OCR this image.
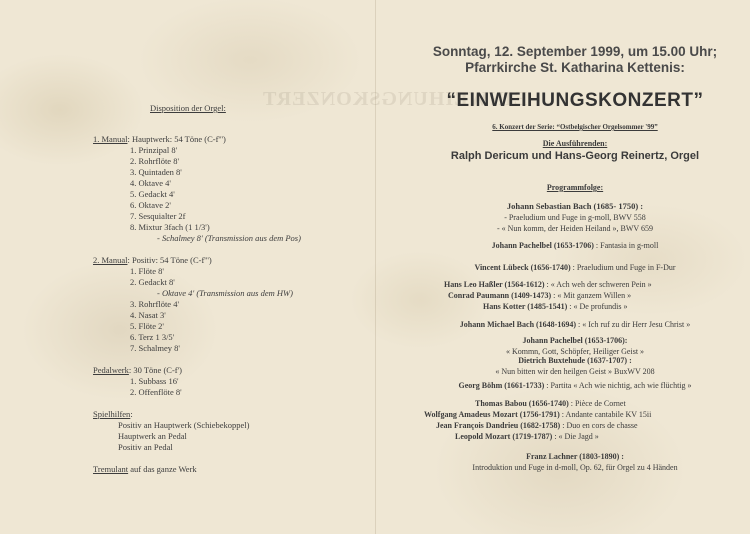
EINWEIHUNGSKONZERT
Disposition der Orgel:
1. Manual: Hauptwerk: 54 Töne (C-f''')
1. Prinzipal 8'
2. Rohrflöte 8'
3. Quintaden 8'
4. Oktave 4'
5. Gedackt 4'
6. Oktave 2'
7. Sesquialter 2f
8. Mixtur 3fach (1 1/3')
- Schalmey 8' (Transmission aus dem Pos)
2. Manual: Positiv: 54 Töne (C-f''')
1. Flöte 8'
2. Gedackt 8'
- Oktave 4' (Transmission aus dem HW)
3. Rohrflöte 4'
4. Nasat 3'
5. Flöte 2'
6. Terz 1 3/5'
7. Schalmey 8'
Pedalwerk: 30 Töne (C-f')
1. Subbass 16'
2. Offenflöte 8'
Spielhilfen:
Positiv an Hauptwerk (Schiebekoppel)
Hauptwerk an Pedal
Positiv an Pedal
Tremulant auf das ganze Werk
Sonntag, 12. September 1999, um 15.00 Uhr;
Pfarrkirche St. Katharina Kettenis:
“EINWEIHUNGSKONZERT”
6. Konzert der Serie: “Ostbelgischer Orgelsommer '99”
Die Ausführenden:
Ralph Dericum und Hans-Georg Reinertz, Orgel
Programmfolge:
Johann Sebastian Bach (1685- 1750) :
- Praeludium und Fuge in g-moll, BWV 558
- « Nun komm, der Heiden Heiland », BWV 659
Johann Pachelbel (1653-1706) : Fantasia in g-moll
Vincent Lübeck (1656-1740) : Praeludium und Fuge in F-Dur
Hans Leo Haßler (1564-1612) : « Ach weh der schweren Pein »
Conrad Paumann (1409-1473) : « Mit ganzem Willen »
Hans Kotter (1485-1541) : « De profundis »
Johann Michael Bach (1648-1694) : « Ich ruf zu dir Herr Jesu Christ »
Johann Pachelbel (1653-1706):
« Kommn, Gott, Schöpfer, Heiliger Geist »
Dietrich Buxtehude (1637-1707) :
« Nun bitten wir den heilgen Geist » BuxWV 208
Georg Böhm (1661-1733) : Partita « Ach wie nichtig, ach wie flüchtig »
Thomas Babou (1656-1740) : Pièce de Cornet
Wolfgang Amadeus Mozart (1756-1791) : Andante cantabile KV 15ii
Jean François Dandrieu (1682-1758) : Duo en cors de chasse
Leopold Mozart (1719-1787) : « Die Jagd »
Franz Lachner (1803-1890) :
Introduktion und Fuge in d-moll, Op. 62, für Orgel zu 4 Händen
